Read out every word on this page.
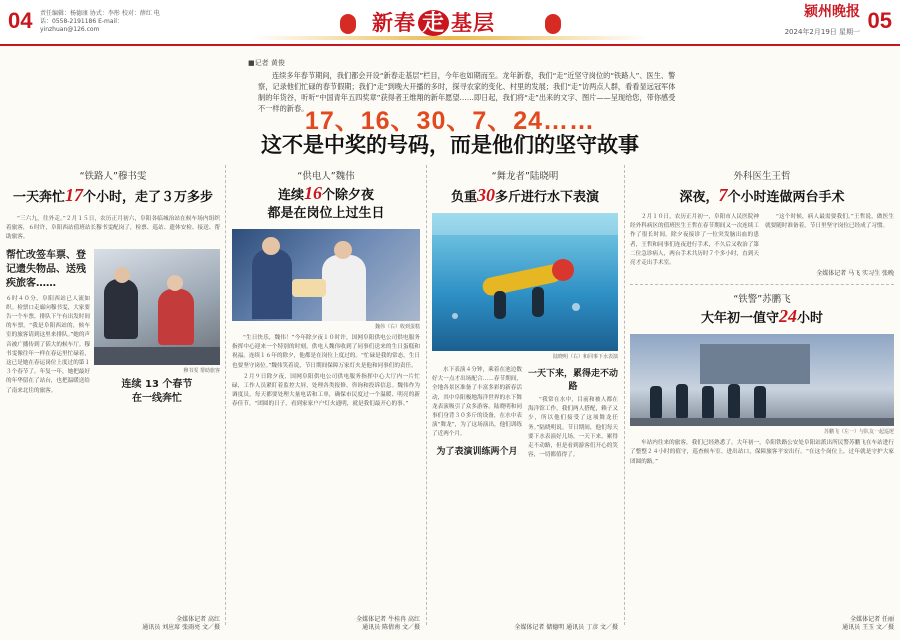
04 责任编辑：杨德康 协式：李彤 校对：薛红 电话：0558-2191186 E-mail：yinzhuan@126.com	新春 走 基层	颍州晚报
2024年2月19日 星期一 05
■记者 黄俊
连续多年春节期间，我们都会开设“新春走基层”栏目，今年也如期而至。龙年新春，我们“走”近坚守岗位的“铁路人”、医生、警察，记录他们忙碌的春节假期；我们“走”到晚大开播的多时，探寻农家的变化、村里的发展；我们“走”访两点人群，看看显远冠军体制的年货谷，听听“中国青年五四奖章”获得者王维翔的新年愿望……即日起，我们将“走”出来的文字、图片——呈现给您，带你感受不一样的新春。
17、16、30、7、24……
这不是中奖的号码，而是他们的坚守故事
“铁路人”穆书雯
一天奔忙17个小时，走了３万多步
“三六九，往外走。”２月１５日，农历正月初六，阜阳各临城治站在候车场内组织着旅客，６时许，阜阳西站值班站长穆书雯配岗了，检票、巡站、遗体安检、接送、帮助旅客。
帮忙改签车票、登记遗失物品、送残疾旅客……
６时４０分，阜阳西站已人流如织。检票口走廊向穆书雯，大家要告一个车票，排队下午有出发时间的车票。“我是阜阳西站的，候车室的旅客请到这里来排队。”她的声音被广播传到了偌大的候车厅。穆书雯像往年一样在春运里忙碌着，这已是她在春运岗位上度过的第１３个春节了。年复一年，她把最好的年华留在了站台，也把温暖送给了南来北往的旅客。
穆书雯 帮助旅客
连续 13 个春节
在一线奔忙
全媒体记者 高红
通讯员 刘应席 张雨亮 文／摄
“供电人”魏伟
连续16个除夕夜
都是在岗位上过生日
魏伟（右）收到蛋糕
“生日快乐，魏伟！”今年除夕夜１０时许，国网阜阳供电公司供电服务指挥中心迎来一个特别的时刻，供电人魏伟收到了同事们送来的生日蛋糕和祝福。连续１６年的除夕，他都是在岗位上度过的。“忙碌是我的常态，生日也要坚守岗位。”魏伟笑着说，节日期间保障万家灯火是他和同事们的责任。
２月９日除夕夜，国网阜阳供电公司供电服务指挥中心大厅内一片忙碌，工作人员紧盯着监控大屏，处理各类报修、咨询和投诉信息。魏伟作为调度员，每天都要处理大量电话和工单，确保市民度过一个温暖、明亮的新春佳节。“团圆的日子，看到家家户户灯火通明，就是我们最开心的事。”
全媒体记者 牛桂冉 高红
通讯员 陈倩南 文／摄
“舞龙者”陆晓明
负重30多斤进行水下表演
陆晓明（右）和同事下水表演
水下表演４分钟，乘着在池边数好大一点才出场配合……春节期间，全地各景区准备了丰富多彩的新春活动，其中阜阳极地海洋世界的水下舞龙表演吸引了众多游客。陆晓明和同事们身背３０多斤的设备，在水中表演“舞龙”，为了这场演出，他们训练了近两个月。
为了表演训练两个月
一天下来，累得走不动路
“我常在水中，目前和被人都在海洋馆工作，我们两人搭配，赖子又少，所以他们接受了这项舞龙任务。”陆晓明说。节日期间，他们每天要下水表演好几场，一天下来，累得走不动路，但是看到游客们开心的笑容，一切都值得了。
全媒体记者 储德明 通讯员 丁彦 文／摄
外科医生王哲
深夜，7个小时连做两台手术
２月１０日，农历正月初一，阜阳市人民医院神经外科病区的值班医生王哲在春节期间又一次连续工作了很长时间。除夕夜接诊了一位突发脑出血的患者，王哲和同事们连夜进行手术，不久后又收治了第二位急诊病人，两台手术共历时７个多小时，直到天亮才走出手术室。
“这个时候，病人最需要我们。”王哲说，做医生就要随时准备着，节日里坚守岗位已经成了习惯。
全媒体记者 马飞 实习生 张晚
“铁警”苏鹏飞
大年初一值守24小时
苏鹏飞（左一）与队友一起巡逻
车站内往来的旅客，我们已经熟悉了。大年初一，阜阳铁路公安处阜阳站派出所民警苏鹏飞在车站进行了整整２４小时的值守，巡查候车室、进出站口，保障旅客平安出行。“在这个岗位上，过年就是守护大家团圆的路。”
全媒体记者 任丽
通讯员 王玉 文／摄
